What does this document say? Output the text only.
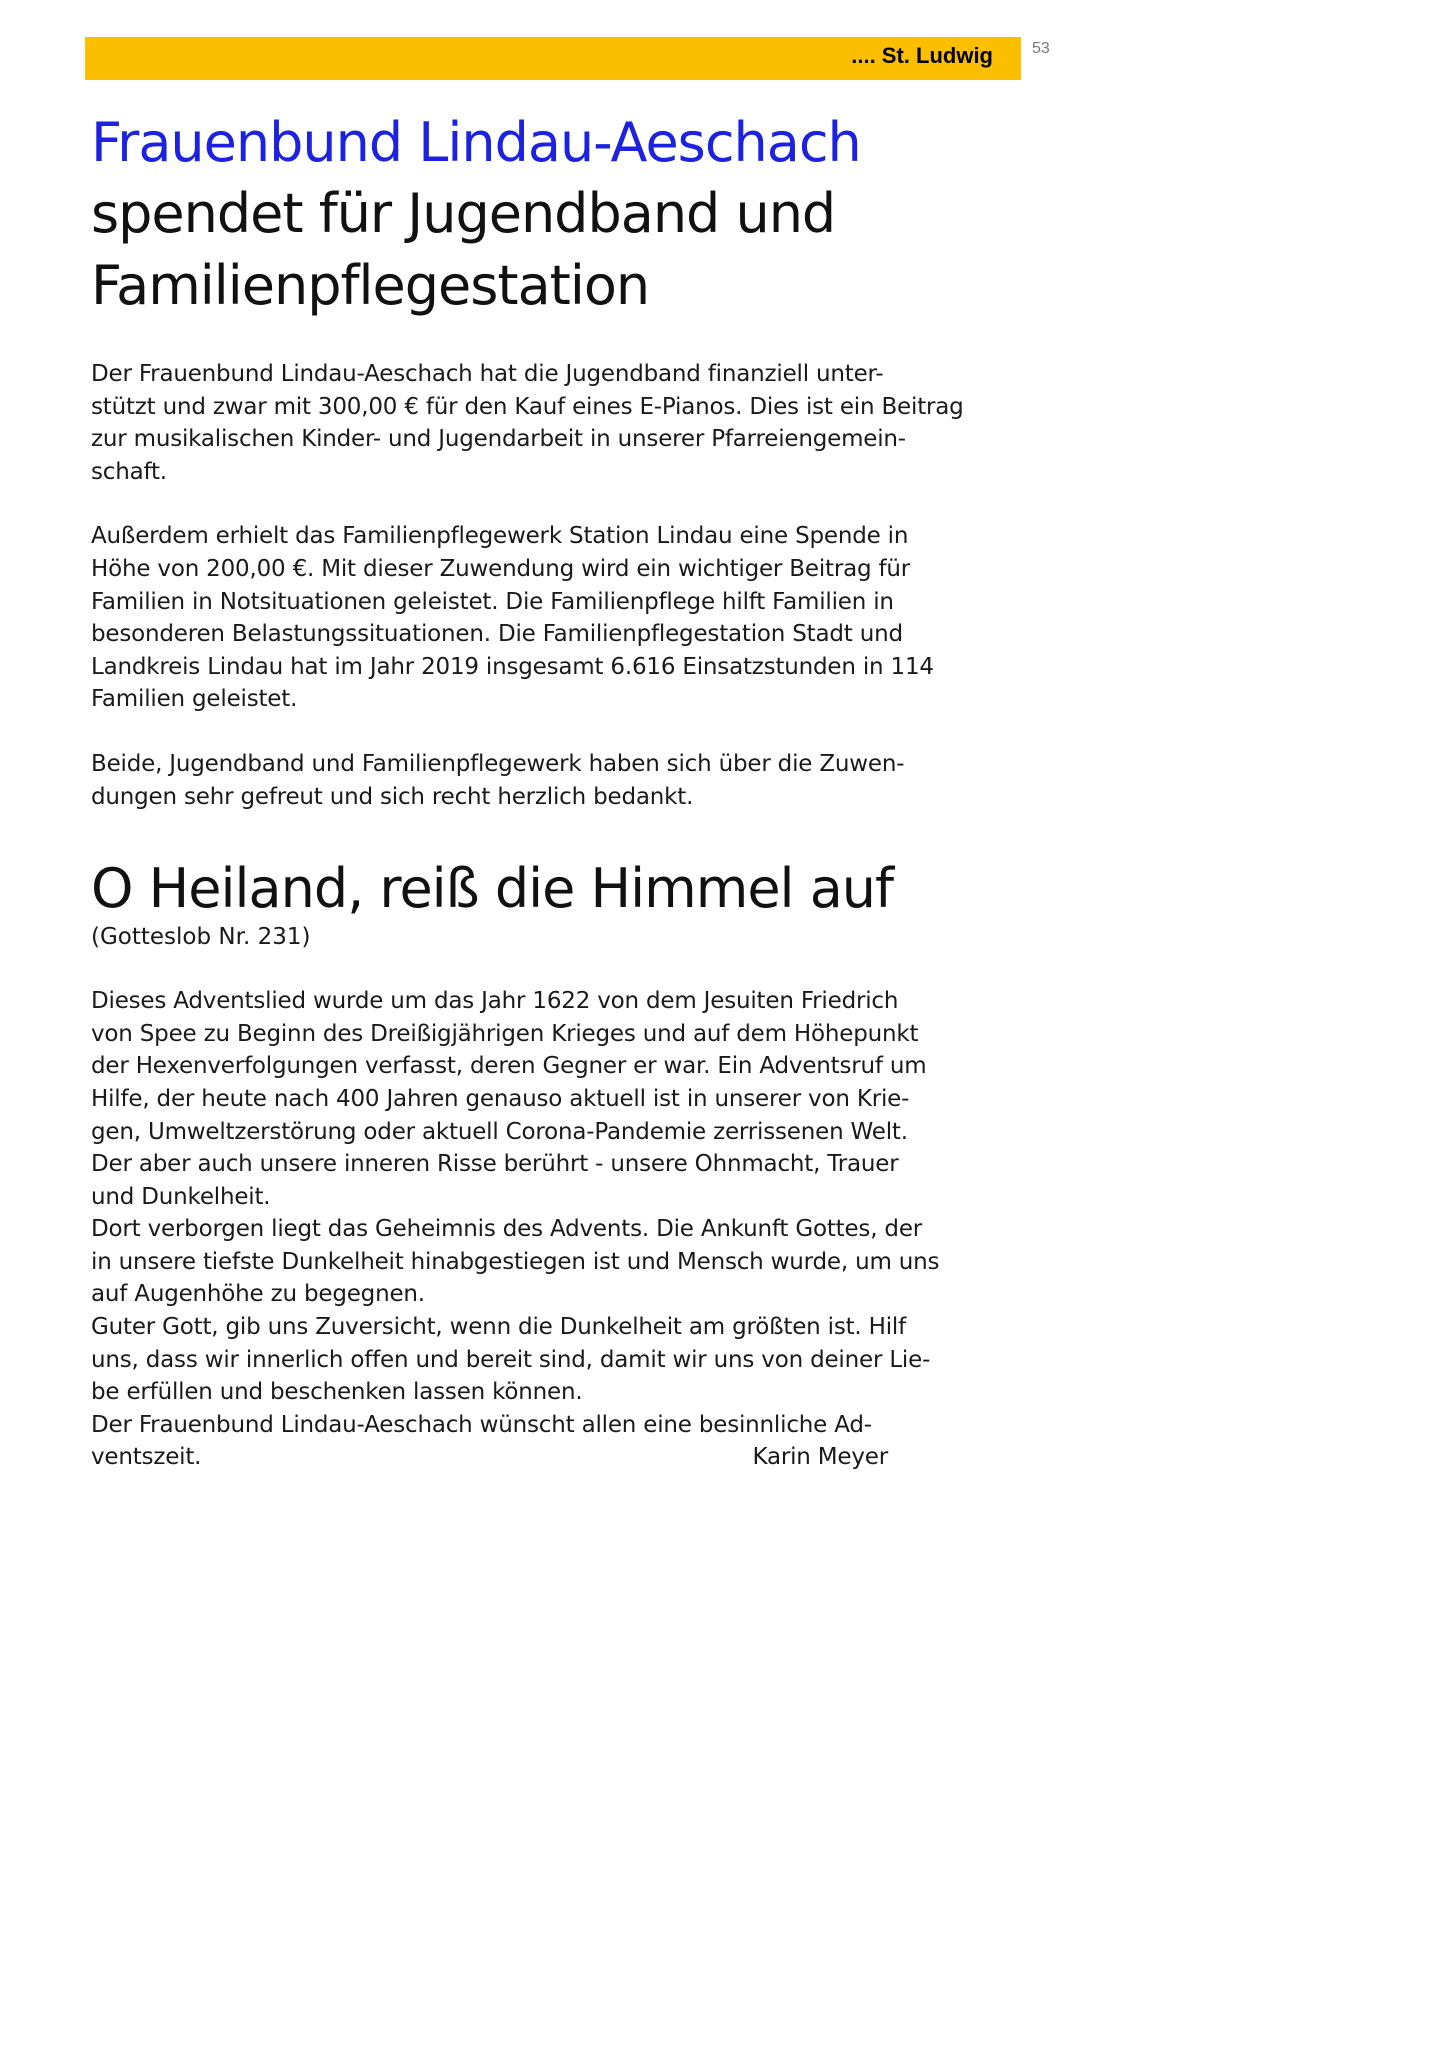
.... St. Ludwig 53
Frauenbund Lindau-Aeschach
spendet für Jugendband und
Familienpflegestation

Der Frauenbund Lindau-Aeschach hat die Jugendband finanziell unter-

stützt und zwar mit 300,00 € für den Kauf eines E-Pianos. Dies ist ein Beitrag

zur musikalischen Kinder- und Jugendarbeit in unserer Pfarreiengemein-

schaft.

Außerdem erhielt das Familienpflegewerk Station Lindau eine Spende in

Höhe von 200,00 €. Mit dieser Zuwendung wird ein wichtiger Beitrag für

Familien in Notsituationen geleistet. Die Familienpflege hilft Familien in

besonderen Belastungssituationen. Die Familienpflegestation Stadt und

Landkreis Lindau hat im Jahr 2019 insgesamt 6.616 Einsatzstunden in 114

Familien geleistet.

Beide, Jugendband und Familienpflegewerk haben sich über die Zuwen-

dungen sehr gefreut und sich recht herzlich bedankt.

O Heiland, reiß die Himmel auf

(Gotteslob Nr. 231)

Dieses Adventslied wurde um das Jahr 1622 von dem Jesuiten Friedrich

von Spee zu Beginn des Dreißigjährigen Krieges und auf dem Höhepunkt

der Hexenverfolgungen verfasst, deren Gegner er war. Ein Adventsruf um

Hilfe, der heute nach 400 Jahren genauso aktuell ist in unserer von Krie-

gen, Umweltzerstörung oder aktuell Corona-Pandemie zerrissenen Welt.

Der aber auch unsere inneren Risse berührt - unsere Ohnmacht, Trauer

und Dunkelheit.

Dort verborgen liegt das Geheimnis des Advents. Die Ankunft Gottes, der

in unsere tiefste Dunkelheit hinabgestiegen ist und Mensch wurde, um uns

auf Augenhöhe zu begegnen.

Guter Gott, gib uns Zuversicht, wenn die Dunkelheit am größten ist. Hilf

uns, dass wir innerlich offen und bereit sind, damit wir uns von deiner Lie-

be erfüllen und beschenken lassen können.

Der Frauenbund Lindau-Aeschach wünscht allen eine besinnliche Ad-

ventszeit.	Karin Meyer
